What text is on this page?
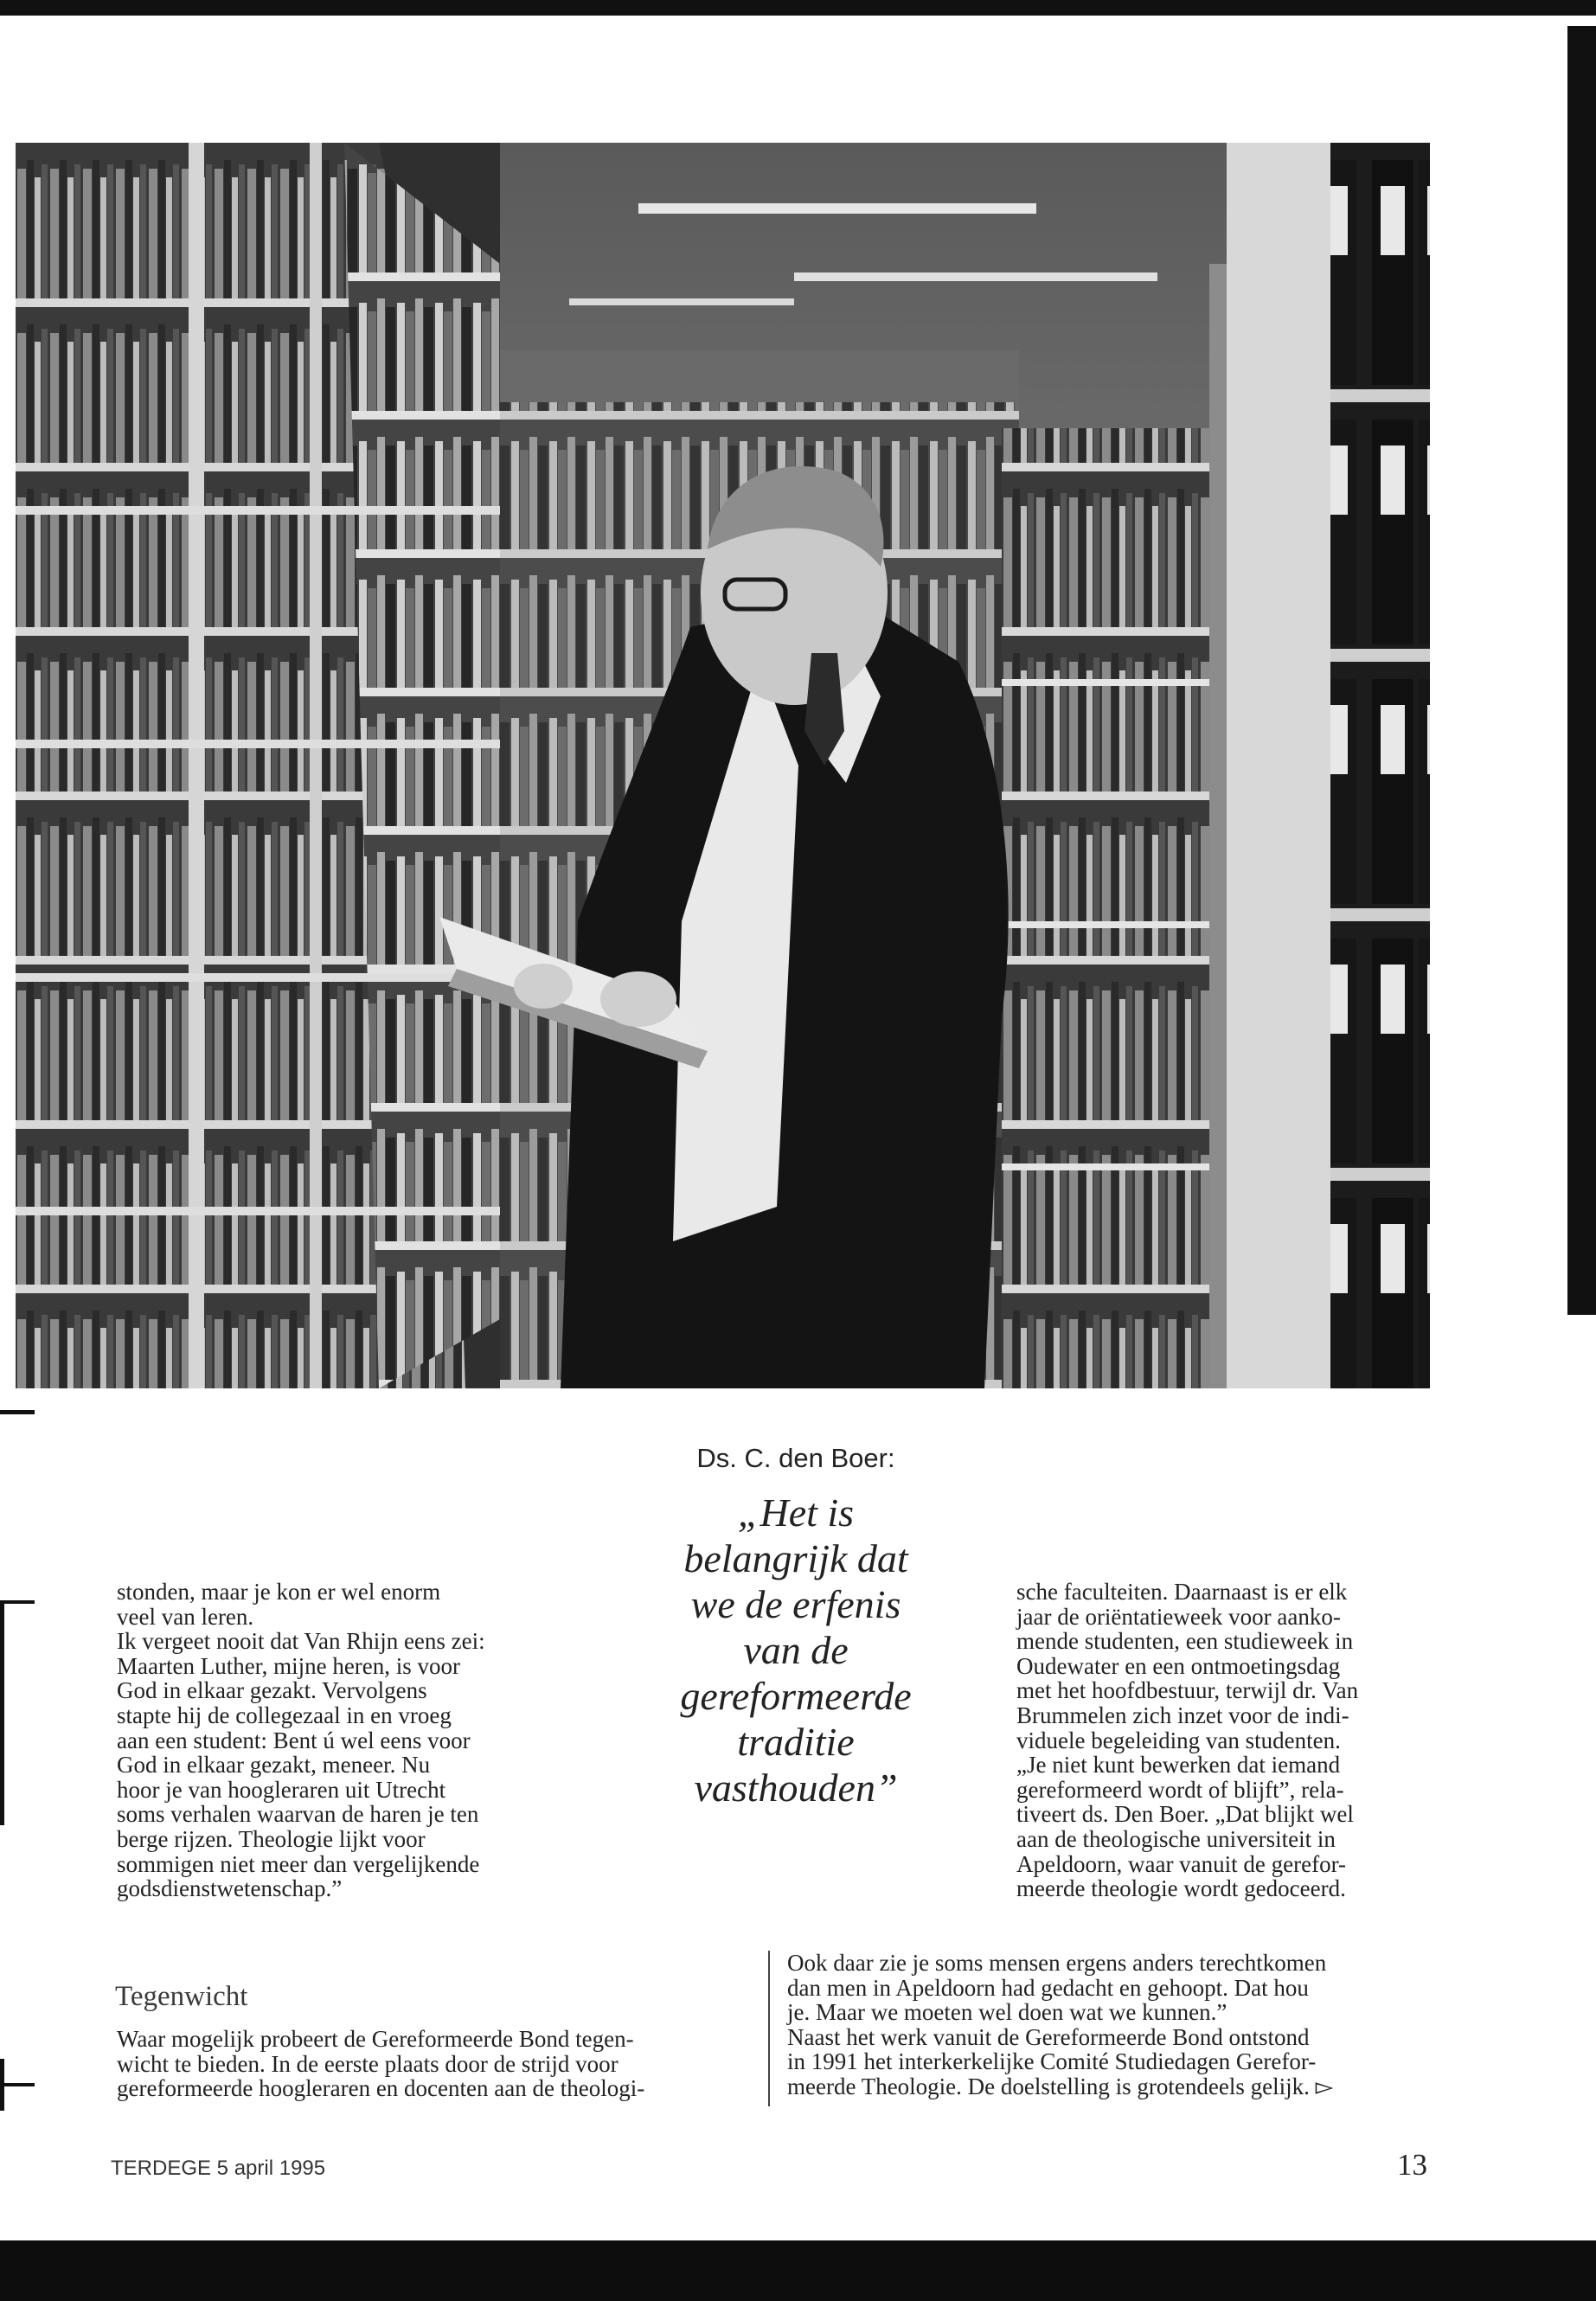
Ds. C. den Boer:
„Het is
belangrijk dat
we de erfenis
van de
gereformeerde
traditie
vasthouden”
stonden, maar je kon er wel enorm
veel van leren.
Ik vergeet nooit dat Van Rhijn eens zei:
Maarten Luther, mijne heren, is voor
God in elkaar gezakt. Vervolgens
stapte hij de collegezaal in en vroeg
aan een student: Bent ú wel eens voor
God in elkaar gezakt, meneer. Nu
hoor je van hoogleraren uit Utrecht
soms verhalen waarvan de haren je ten
berge rijzen. Theologie lijkt voor
sommigen niet meer dan vergelijkende
godsdienstwetenschap.”
sche faculteiten. Daarnaast is er elk
jaar de oriëntatieweek voor aanko-
mende studenten, een studieweek in
Oudewater en een ontmoetingsdag
met het hoofdbestuur, terwijl dr. Van
Brummelen zich inzet voor de indi-
viduele begeleiding van studenten.
„Je niet kunt bewerken dat iemand
gereformeerd wordt of blijft”, rela-
tiveert ds. Den Boer. „Dat blijkt wel
aan de theologische universiteit in
Apeldoorn, waar vanuit de gerefor-
meerde theologie wordt gedoceerd.
Tegenwicht
Waar mogelijk probeert de Gereformeerde Bond tegen-
wicht te bieden. In de eerste plaats door de strijd voor
gereformeerde hoogleraren en docenten aan de theologi-
Ook daar zie je soms mensen ergens anders terechtkomen
dan men in Apeldoorn had gedacht en gehoopt. Dat hou
je. Maar we moeten wel doen wat we kunnen.”
Naast het werk vanuit de Gereformeerde Bond ontstond
in 1991 het interkerkelijke Comité Studiedagen Gerefor-
meerde Theologie. De doelstelling is grotendeels gelijk. ▻
TERDEGE 5 april 1995	13
